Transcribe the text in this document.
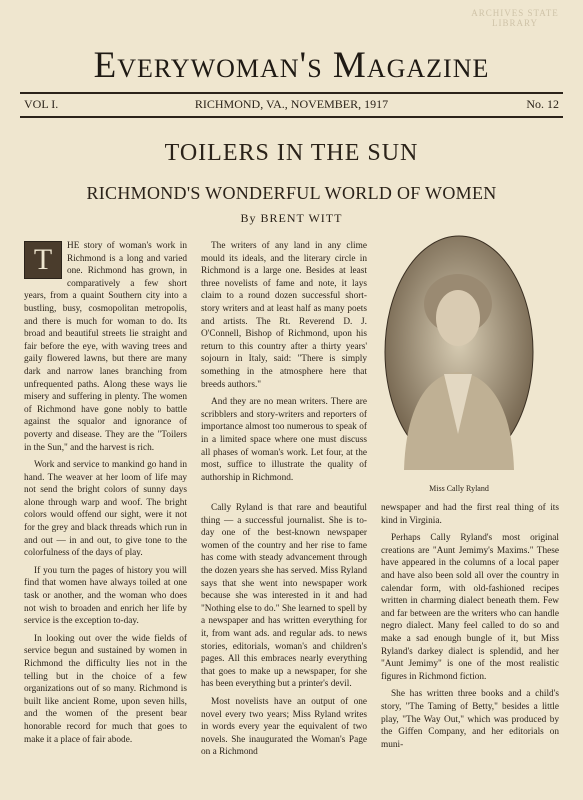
ARCHIVES STATE LIBRARY
Everywoman's Magazine
VOL I.	RICHMOND, VA., NOVEMBER, 1917	No. 12
TOILERS IN THE SUN
RICHMOND'S WONDERFUL WORLD OF WOMEN
By BRENT WITT

T	HE story of woman's work in Richmond is a long and varied one. Richmond has grown, in comparatively a few short years, from a quaint Southern city into a bustling, busy, cosmopolitan metropolis, and there is much for woman to do. Its broad and beautiful streets lie straight and fair before the eye, with waving trees and gaily flowered lawns, but there are many dark and narrow lanes branching from unfrequented paths. Along these ways lie misery and suffering in plenty. The women of Richmond have gone nobly to battle against the squalor and ignorance of poverty and disease. They are the "Toilers in the Sun," and the harvest is rich.

Work and service to mankind go hand in hand. The weaver at her loom of life may not send the bright colors of sunny days alone through warp and woof. The bright colors would offend our sight, were it not for the grey and black threads which run in and out — in and out, to give tone to the colorfulness of the days of play.

If you turn the pages of history you will find that women have always toiled at one task or another, and the woman who does not wish to broaden and enrich her life by service is the exception to-day.

In looking out over the wide fields of service begun and sustained by women in Richmond the difficulty lies not in the telling but in the choice of a few organizations out of so many. Richmond is built like ancient Rome, upon seven hills, and the women of the present bear honorable record for much that goes to make it a place of fair abode.

The writers of any land in any clime mould its ideals, and the literary circle in Richmond is a large one. Besides at least three novelists of fame and note, it lays claim to a round dozen successful short-story writers and at least half as many poets and artists. The Rt. Reverend D. J. O'Connell, Bishop of Richmond, upon his return to this country after a thirty years' sojourn in Italy, said: "There is simply something in the atmosphere here that breeds authors."

And they are no mean writers. There are scribblers and story-writers and reporters of importance almost too numerous to speak of in a limited space where one must discuss all phases of woman's work. Let four, at the most, suffice to illustrate the quality of authorship in Richmond.

Miss Cally Ryland

Cally Ryland is that rare and beautiful thing — a successful journalist. She is to-day one of the best-known newspaper women of the country and her rise to fame has come with steady advancement through the dozen years she has served. Miss Ryland says that she went into newspaper work because she was interested in it and had "Nothing else to do." She learned to spell by a newspaper and has written everything for it, from want ads. and regular ads. to news stories, editorials, woman's and children's pages. All this embraces nearly everything that goes to make up a newspaper, for she has been everything but a printer's devil.

Most novelists have an output of one novel every two years; Miss Ryland writes in words every year the equivalent of two novels. She inaugurated the Woman's Page on a Richmond

newspaper and had the first real thing of its kind in Virginia.

Perhaps Cally Ryland's most original creations are "Aunt Jemimy's Maxims." These have appeared in the columns of a local paper and have also been sold all over the country in calendar form, with old-fashioned recipes written in charming dialect beneath them. Few and far between are the writers who can handle negro dialect. Many feel called to do so and make a sad enough bungle of it, but Miss Ryland's darkey dialect is splendid, and her "Aunt Jemimy" is one of the most realistic figures in Richmond fiction.

She has written three books and a child's story, "The Taming of Betty," besides a little play, "The Way Out," which was produced by the Giffen Company, and her editorials on muni-
